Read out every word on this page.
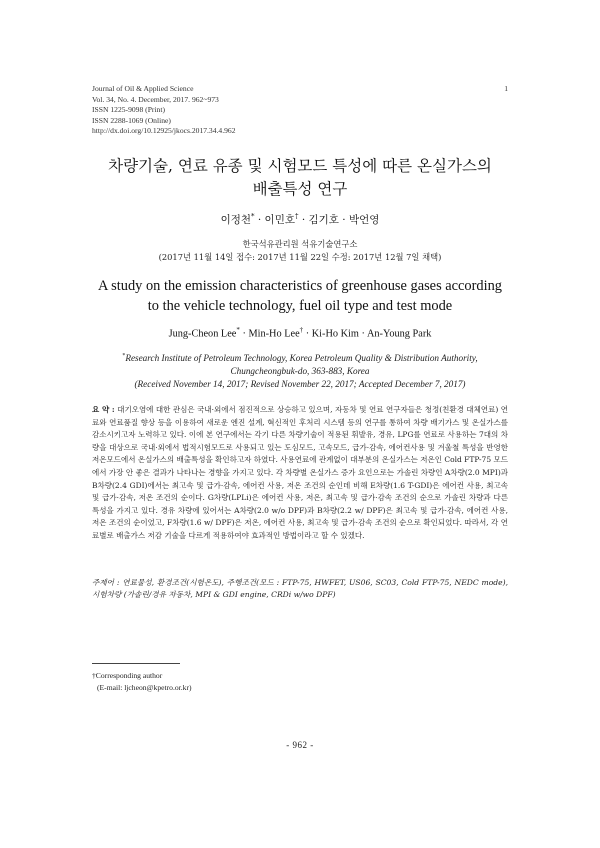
Journal of Oil & Applied Science
Vol. 34, No. 4. December, 2017. 962~973
ISSN 1225-9098 (Print)
ISSN 2288-1069 (Online)
http://dx.doi.org/10.12925/jkocs.2017.34.4.962
1
차량기술, 연료 유종 및 시험모드 특성에 따른 온실가스의
배출특성 연구
이정천* · 이민호† · 김기호 · 박언영
한국석유관리원 석유기술연구소
(2017년 11월 14일 접수: 2017년 11월 22일 수정: 2017년 12월 7일 채택)
A study on the emission characteristics of greenhouse gases according
to the vehicle technology, fuel oil type and test mode
Jung-Cheon Lee* · Min-Ho Lee† · Ki-Ho Kim · An-Young Park
*Research Institute of Petroleum Technology, Korea Petroleum Quality & Distribution Authority,
Chungcheongbuk-do, 363-883, Korea
(Received November 14, 2017; Revised November 22, 2017; Accepted December 7, 2017)
요 약 : 대기오염에 대한 관심은 국내·외에서 점진적으로 상승하고 있으며, 자동차 및 연료 연구자들은 청정(친환경 대체연료) 연료와 연료품질 향상 등을 이용하여 새로운 엔진 설계, 혁신적인 후처리 시스템 등의 연구를 통하여 차량 배기가스 및 온실가스를 감소시키고자 노력하고 있다. 이에 본 연구에서는 각기 다른 차량기술이 적용된 휘발유, 경유, LPG를 연료로 사용하는 7대의 차량을 대상으로 국내·외에서 법적시험모드로 사용되고 있는 도심모드, 고속모드, 급가·감속, 에어컨사용 및 겨울철 특성을 반영한 저온모드에서 온실가스의 배출특성을 확인하고자 하였다. 사용연료에 관계없이 대부분의 온실가스는 저온인 Cold FTP-75 모드에서 가장 안 좋은 결과가 나타나는 경향을 가지고 있다. 각 차량별 온실가스 증가 요인으로는 가솔린 차량인 A차량(2.0 MPI)과 B차량(2.4 GDI)에서는 최고속 및 급가·감속, 에어컨 사용, 저온 조건의 순인데 비해 E차량(1.6 T-GDI)은 에어컨 사용, 최고속 및 급가·감속, 저온 조건의 순이다. G차량(LPLi)은 에어컨 사용, 저온, 최고속 및 급가·감속 조건의 순으로 가솔린 차량과 다른 특성을 가지고 있다. 경유 차량에 있어서는 A차량(2.0 w/o DPF)과 B차량(2.2 w/ DPF)은 최고속 및 급가·감속, 에어컨 사용, 저온 조건의 순이었고, F차량(1.6 w/ DPF)은 저온, 에어컨 사용, 최고속 및 급가·감속 조건의 순으로 확인되었다. 따라서, 각 연료별로 배출가스 저감 기술을 다르게 적용하여야 효과적인 방법이라고 할 수 있겠다.
주제어 : 연료물성, 환경조건(시험온도), 주행조건(모드 : FTP-75, HWFET, US06, SC03, Cold FTP-75, NEDC mode), 시험차량 (가솔린/경유 자동차, MPI & GDI engine, CRDi w/wo DPF)
†Corresponding author
(E-mail: ljcheon@kpetro.or.kr)
- 962 -
